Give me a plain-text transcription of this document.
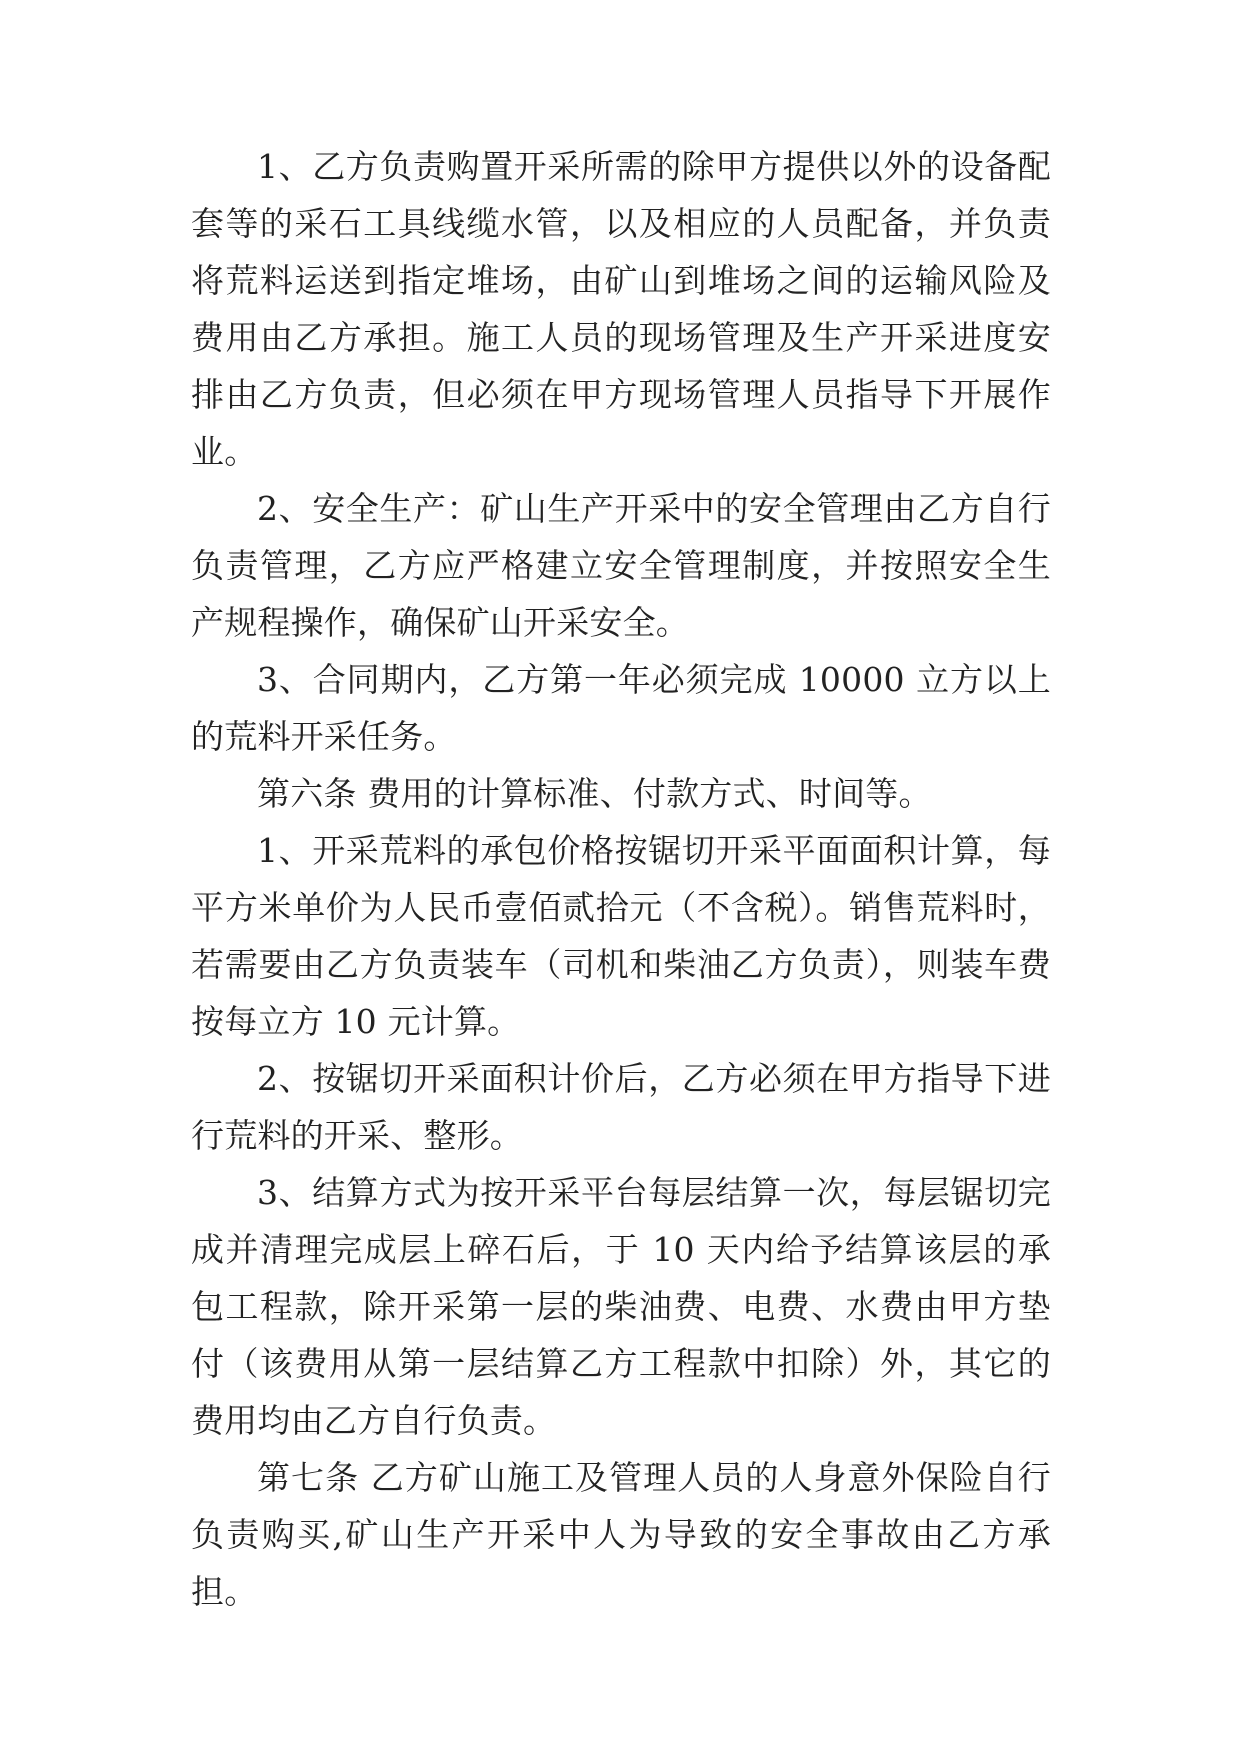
1、乙方负责购置开采所需的除甲方提供以外的设备配套等的采石工具线缆水管，以及相应的人员配备，并负责将荒料运送到指定堆场，由矿山到堆场之间的运输风险及费用由乙方承担。施工人员的现场管理及生产开采进度安排由乙方负责，但必须在甲方现场管理人员指导下开展作业。

2、安全生产：矿山生产开采中的安全管理由乙方自行负责管理，乙方应严格建立安全管理制度，并按照安全生产规程操作，确保矿山开采安全。

3、合同期内，乙方第一年必须完成 10000 立方以上的荒料开采任务。

第六条 费用的计算标准、付款方式、时间等。

1、开采荒料的承包价格按锯切开采平面面积计算，每平方米单价为人民币壹佰贰拾元（不含税）。销售荒料时，若需要由乙方负责装车（司机和柴油乙方负责），则装车费按每立方 10 元计算。

2、按锯切开采面积计价后，乙方必须在甲方指导下进行荒料的开采、整形。

3、结算方式为按开采平台每层结算一次，每层锯切完成并清理完成层上碎石后，于 10 天内给予结算该层的承包工程款，除开采第一层的柴油费、电费、水费由甲方垫付（该费用从第一层结算乙方工程款中扣除）外，其它的费用均由乙方自行负责。

第七条 乙方矿山施工及管理人员的人身意外保险自行负责购买,矿山生产开采中人为导致的安全事故由乙方承担。
